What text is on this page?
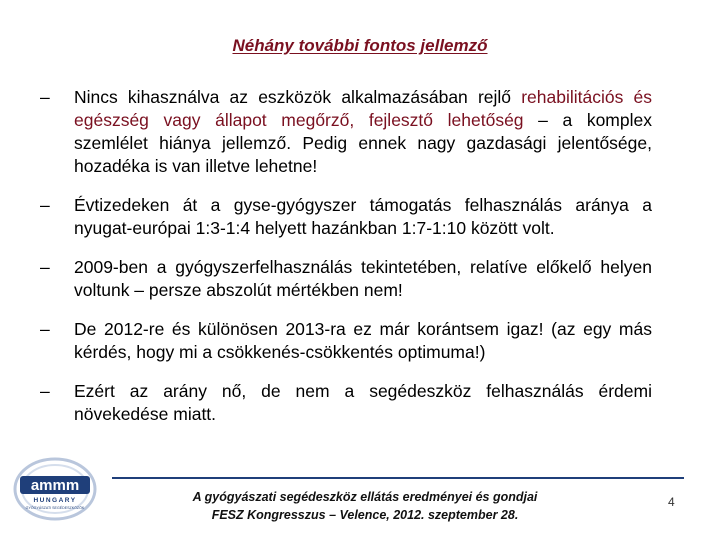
Néhány további fontos jellemző
–	Nincs kihasználva az eszközök alkalmazásában rejlő rehabilitációs és egészség vagy állapot megőrző, fejlesztő lehetőség – a komplex szemlélet hiánya jellemző. Pedig ennek nagy gazdasági jelentősége, hozadéka is van illetve lehetne!
–	Évtizedeken át a gyse-gyógyszer támogatás felhasználás aránya a nyugat-európai 1:3-1:4 helyett hazánkban 1:7-1:10 között volt.
–	2009-ben a gyógyszerfelhasználás tekintetében, relatíve előkelő helyen voltunk – persze abszolút mértékben nem!
–	De 2012-re és különösen 2013-ra ez már korántsem igaz! (az egy más kérdés, hogy mi a csökkenés-csökkentés optimuma!)
–	Ezért az arány nő, de nem a segédeszköz felhasználás érdemi növekedése miatt.
ammm
HUNGARY
GYÓGYÁSZATI SEGÉDESZKÖZÖK
A gyógyászati segédeszköz ellátás eredményei és gondjai
FESZ Kongresszus – Velence, 2012. szeptember 28.
4
